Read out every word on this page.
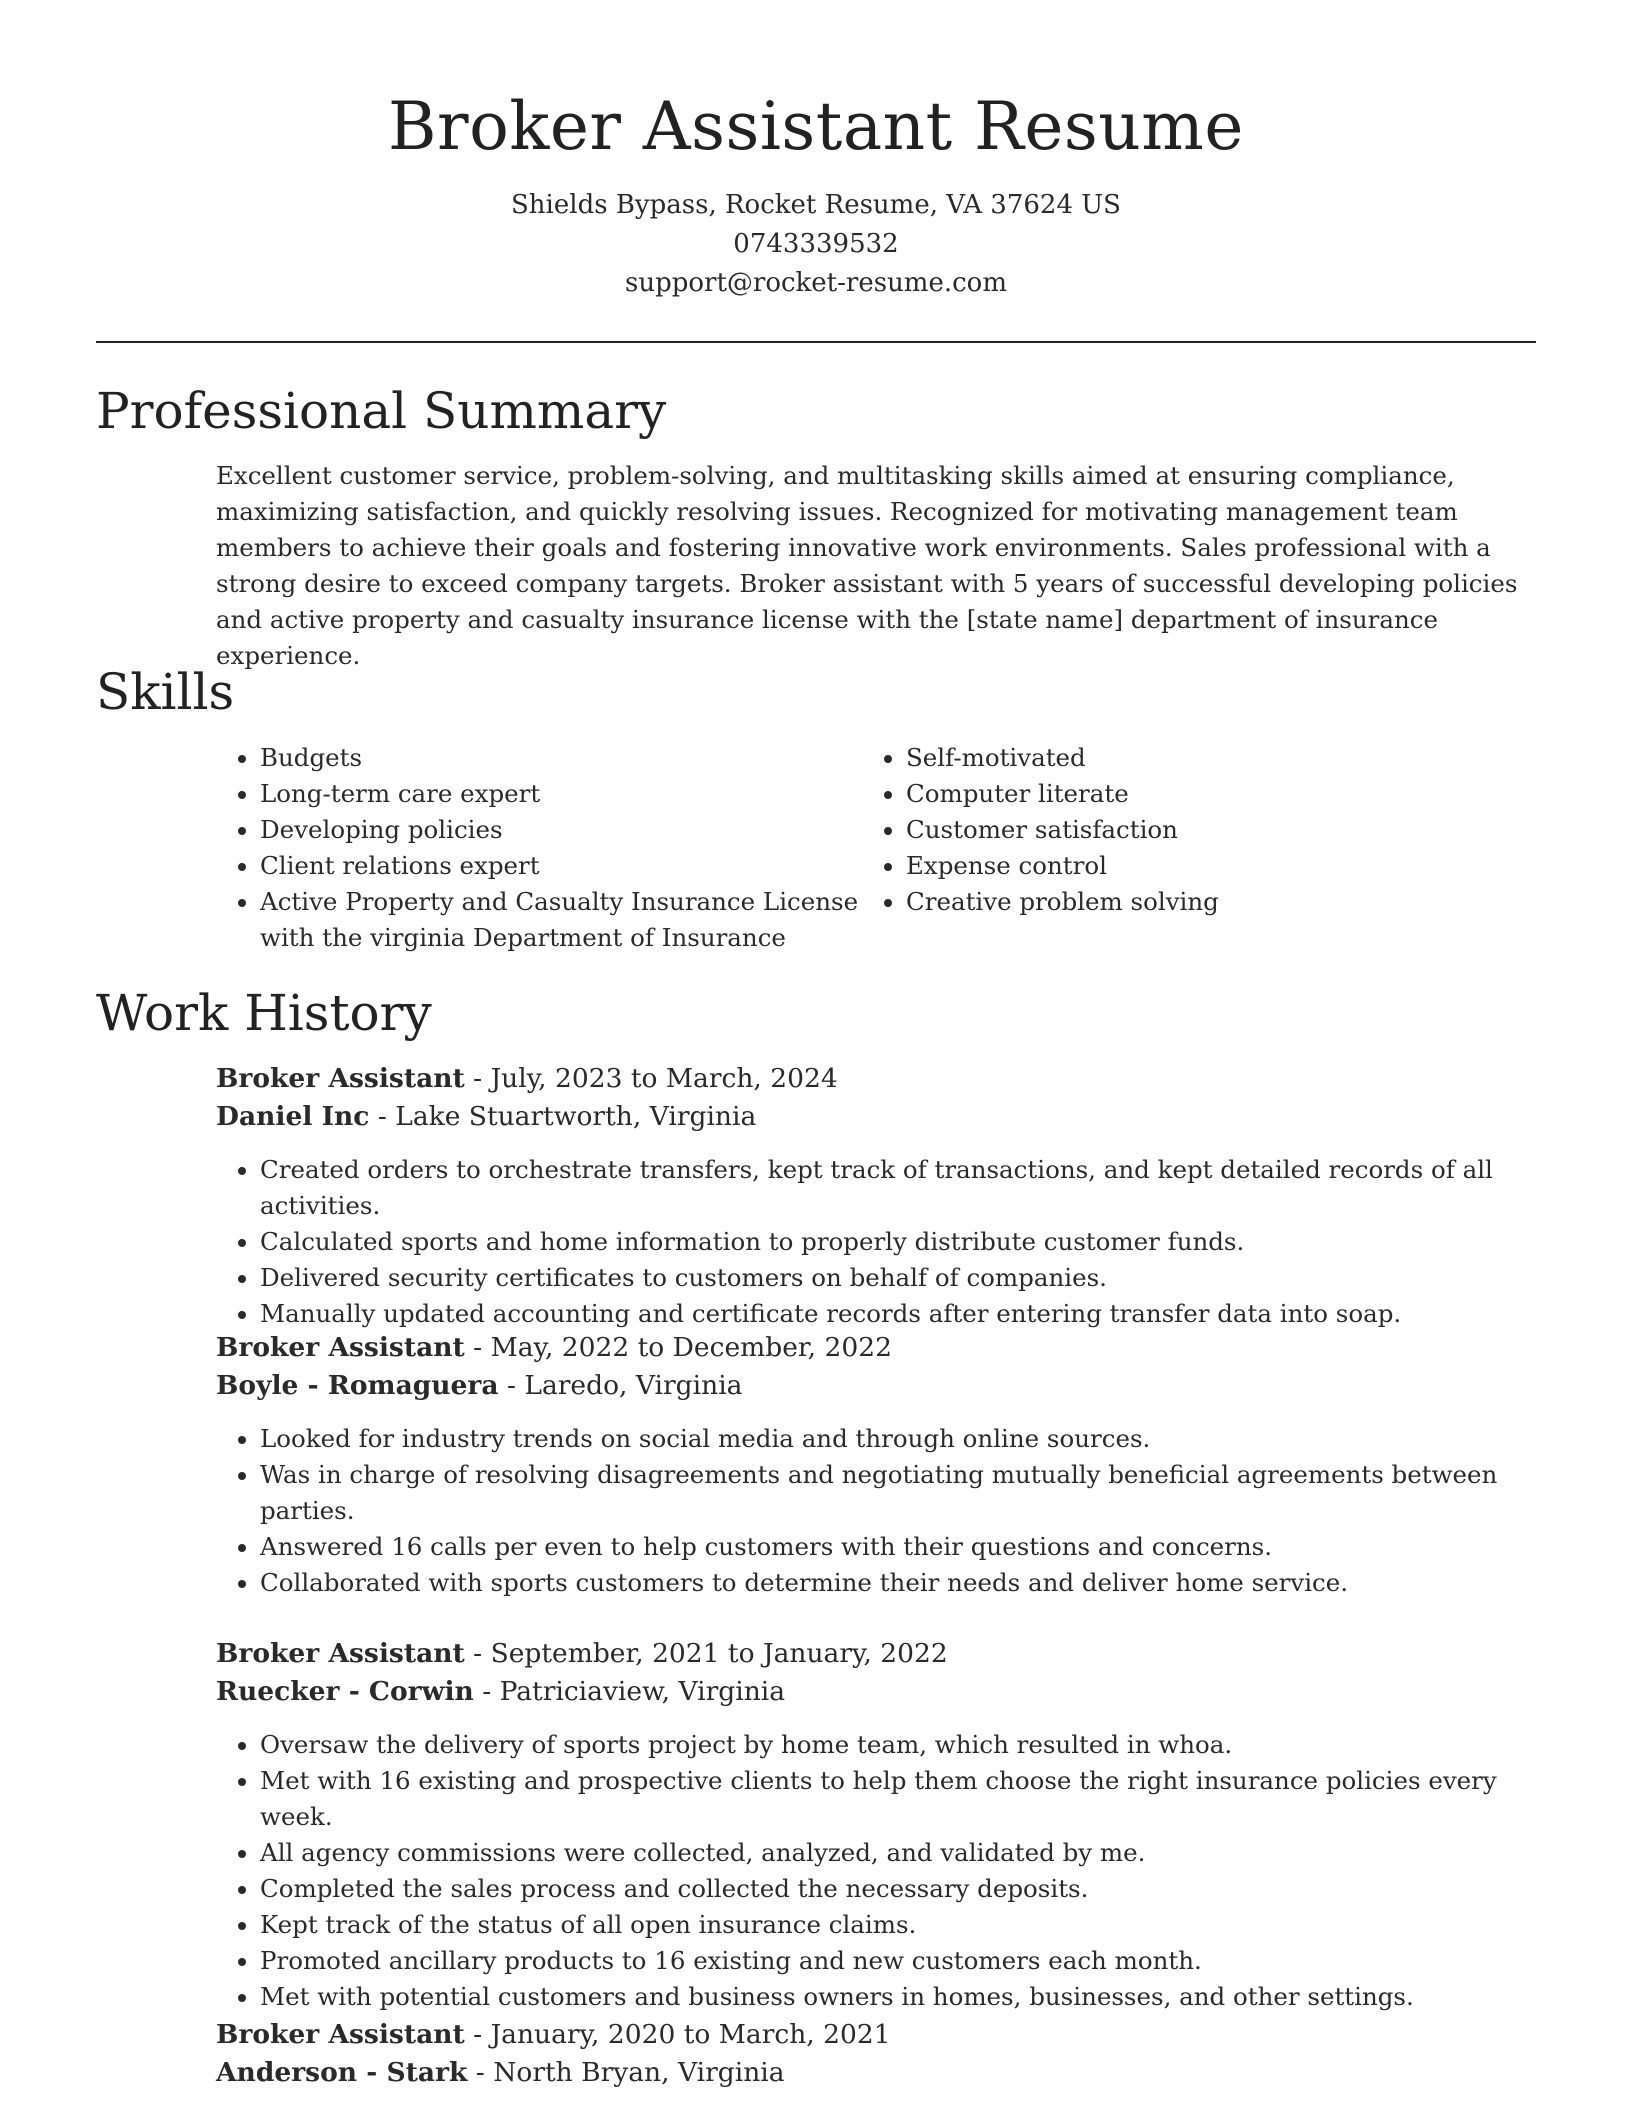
Broker Assistant Resume
Shields Bypass, Rocket Resume, VA 37624 US
0743339532
support@rocket-resume.com
Professional Summary

Excellent customer service, problem-solving, and multitasking skills aimed at ensuring compliance, maximizing satisfaction, and quickly resolving issues. Recognized for motivating management team members to achieve their goals and fostering innovative work environments. Sales professional with a strong desire to exceed company targets. Broker assistant with 5 years of successful developing policies and active property and casualty insurance license with the [state name] department of insurance experience.

Skills
• Budgets
• Long-term care expert
• Developing policies
• Client relations expert
• Active Property and Casualty Insurance License with the virginia Department of Insurance
• Self-motivated
• Computer literate
• Customer satisfaction
• Expense control
• Creative problem solving
Work History

Broker Assistant - July, 2023 to March, 2024

Daniel Inc - Lake Stuartworth, Virginia

• Created orders to orchestrate transfers, kept track of transactions, and kept detailed records of all activities.
• Calculated sports and home information to properly distribute customer funds.
• Delivered security certificates to customers on behalf of companies.
• Manually updated accounting and certificate records after entering transfer data into soap.

Broker Assistant - May, 2022 to December, 2022

Boyle - Romaguera - Laredo, Virginia

• Looked for industry trends on social media and through online sources.
• Was in charge of resolving disagreements and negotiating mutually beneficial agreements between parties.
• Answered 16 calls per even to help customers with their questions and concerns.
• Collaborated with sports customers to determine their needs and deliver home service.

Broker Assistant - September, 2021 to January, 2022

Ruecker - Corwin - Patriciaview, Virginia

• Oversaw the delivery of sports project by home team, which resulted in whoa.
• Met with 16 existing and prospective clients to help them choose the right insurance policies every week.
• All agency commissions were collected, analyzed, and validated by me.
• Completed the sales process and collected the necessary deposits.
• Kept track of the status of all open insurance claims.
• Promoted ancillary products to 16 existing and new customers each month.
• Met with potential customers and business owners in homes, businesses, and other settings.

Broker Assistant - January, 2020 to March, 2021

Anderson - Stark - North Bryan, Virginia
